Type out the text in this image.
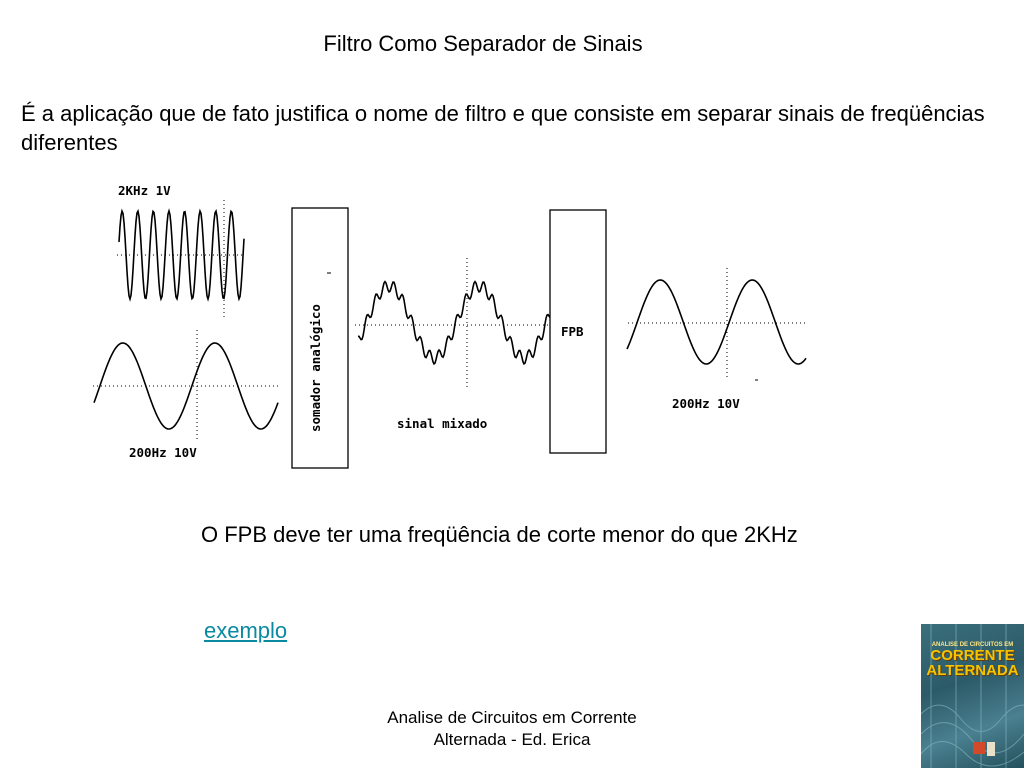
Filtro Como Separador de Sinais
É a aplicação que de fato justifica o nome de filtro e que consiste em separar sinais de freqüências diferentes
2KHz 1V
200Hz 10V
somador analógico	sinal mixado
FPB
200Hz 10V
O FPB deve ter uma freqüência de corte menor do que 2KHz
exemplo
Analise de Circuitos em Corrente
Alternada - Ed. Erica
ANALISE DE CIRCUITOS EM
CORRENTE
ALTERNADA
